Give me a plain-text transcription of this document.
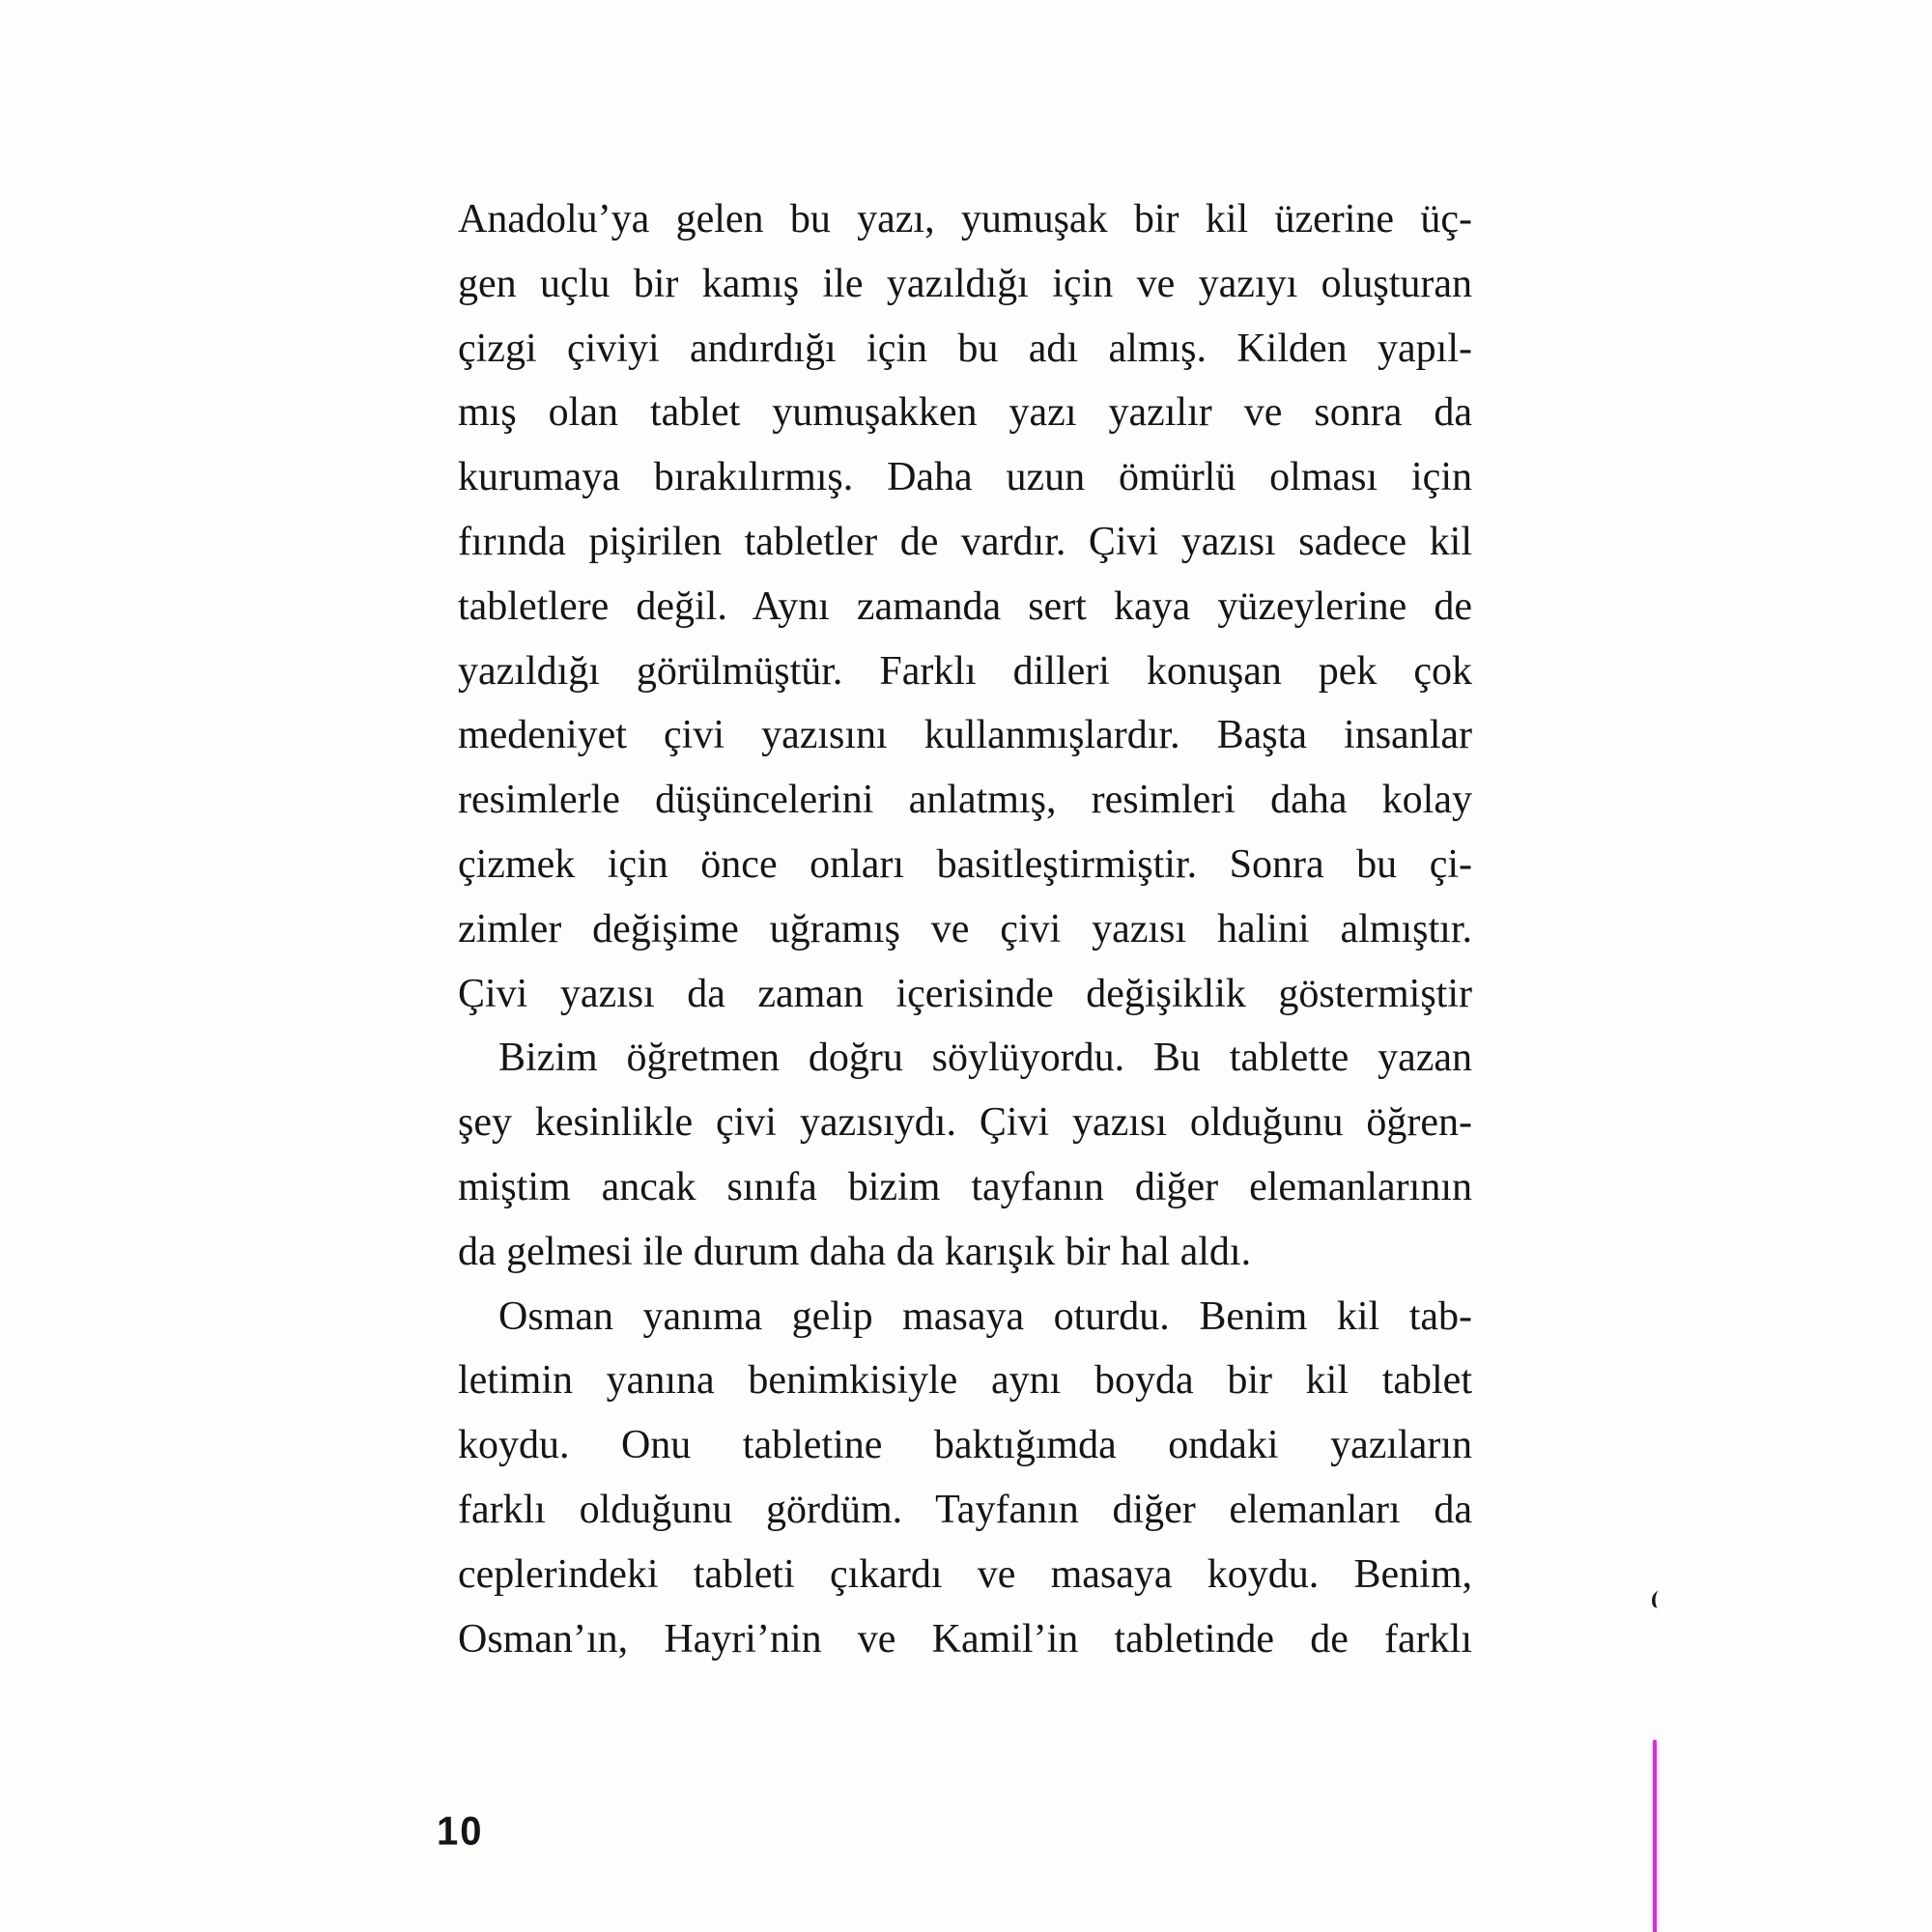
Anadolu’ya gelen bu yazı, yumuşak bir kil üzerine üç-
gen uçlu bir kamış ile yazıldığı için ve yazıyı oluşturan
çizgi çiviyi andırdığı için bu adı almış. Kilden yapıl-
mış olan tablet yumuşakken yazı yazılır ve sonra da
kurumaya bırakılırmış. Daha uzun ömürlü olması için
fırında pişirilen tabletler de vardır. Çivi yazısı sadece kil
tabletlere değil. Aynı zamanda sert kaya yüzeylerine de
yazıldığı görülmüştür. Farklı dilleri konuşan pek çok
medeniyet çivi yazısını kullanmışlardır. Başta insanlar
resimlerle düşüncelerini anlatmış, resimleri daha kolay
çizmek için önce onları basitleştirmiştir. Sonra bu çi-
zimler değişime uğramış ve çivi yazısı halini almıştır.
Çivi yazısı da zaman içerisinde değişiklik göstermiştir
Bizim öğretmen doğru söylüyordu. Bu tablette yazan
şey kesinlikle çivi yazısıydı. Çivi yazısı olduğunu öğren-
miştim ancak sınıfa bizim tayfanın diğer elemanlarının
da gelmesi ile durum daha da karışık bir hal aldı.
Osman yanıma gelip masaya oturdu. Benim kil tab-
letimin yanına benimkisiyle aynı boyda bir kil tablet
koydu. Onu tabletine baktığımda ondaki yazıların
farklı olduğunu gördüm. Tayfanın diğer elemanları da
ceplerindeki tableti çıkardı ve masaya koydu. Benim,
Osman’ın, Hayri’nin ve Kamil’in tabletinde de farklı
10
